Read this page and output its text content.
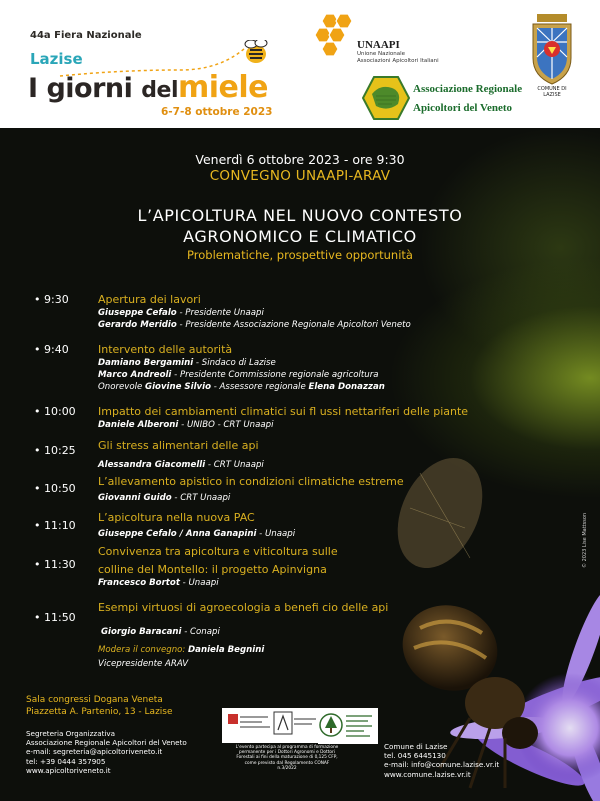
44a Fiera Nazionale
Lazise
I giorni delmiele
6-7-8 ottobre 2023
UNAAPI
Unione Nazionale
Associazioni Apicoltori Italiani
Associazione Regionale
Apicoltori del Veneto
COMUNE DI
LAZISE
Venerdì 6 ottobre 2023 - ore 9:30
CONVEGNO UNAAPI-ARAV
L’APICOLTURA NEL NUOVO CONTESTO
AGRONOMICO E CLIMATICO
Problematiche, prospettive opportunità
• 9:30	Apertura dei lavori
Giuseppe Cefalo - Presidente Unaapi
Gerardo Meridio - Presidente Associazione Regionale Apicoltori Veneto
• 9:40	Intervento delle autorità
Damiano Bergamini - Sindaco di Lazise
Marco Andreoli - Presidente Commissione regionale agricoltura
Onorevole Giovine Silvio - Assessore regionale Elena Donazzan
• 10:00 Impatto dei cambiamenti climatici sui fl ussi nettariferi delle piante
Daniele Alberoni - UNIBO - CRT Unaapi
• 10:25 Gli stress alimentari delle api
Alessandra Giacomelli - CRT Unaapi
• 10:50
L’allevamento apistico in condizioni climatiche estreme
Giovanni Guido - CRT Unaapi
• 11:10
L’apicoltura nella nuova PAC
Giuseppe Cefalo / Anna Ganapini - Unaapi
• 11:30
Convivenza tra apicoltura e viticoltura sulle
colline del Montello: il progetto Apinvigna
Francesco Bortot - Unaapi
• 11:50
Esempi virtuosi di agroecologia a benefi cio delle api
Giorgio Baracani - Conapi
Modera il convegno: Daniela Begnini
Vicepresidente ARAV
Sala congressi Dogana Veneta
Piazzetta A. Partenio, 13 - Lazise
Segreteria Organizzativa
Associazione Regionale Apicoltori del Veneto
e-mail: segreteria@apicoltoriveneto.it
tel: +39 0444 357905
www.apicoltoriveneto.it
L'evento partecipa al programma di formazione
permanente per i Dottori Agronomi e Dottori
Forestali ai fini della maturazione di 0,125 CFP,
come previsto dal Regolamento CONAF
n.3/2022
Comune di Lazise
tel. 045 6445130
e-mail: info@comune.lazise.vr.it
www.comune.lazise.vr.it
© 2023 Lise Mattsson
